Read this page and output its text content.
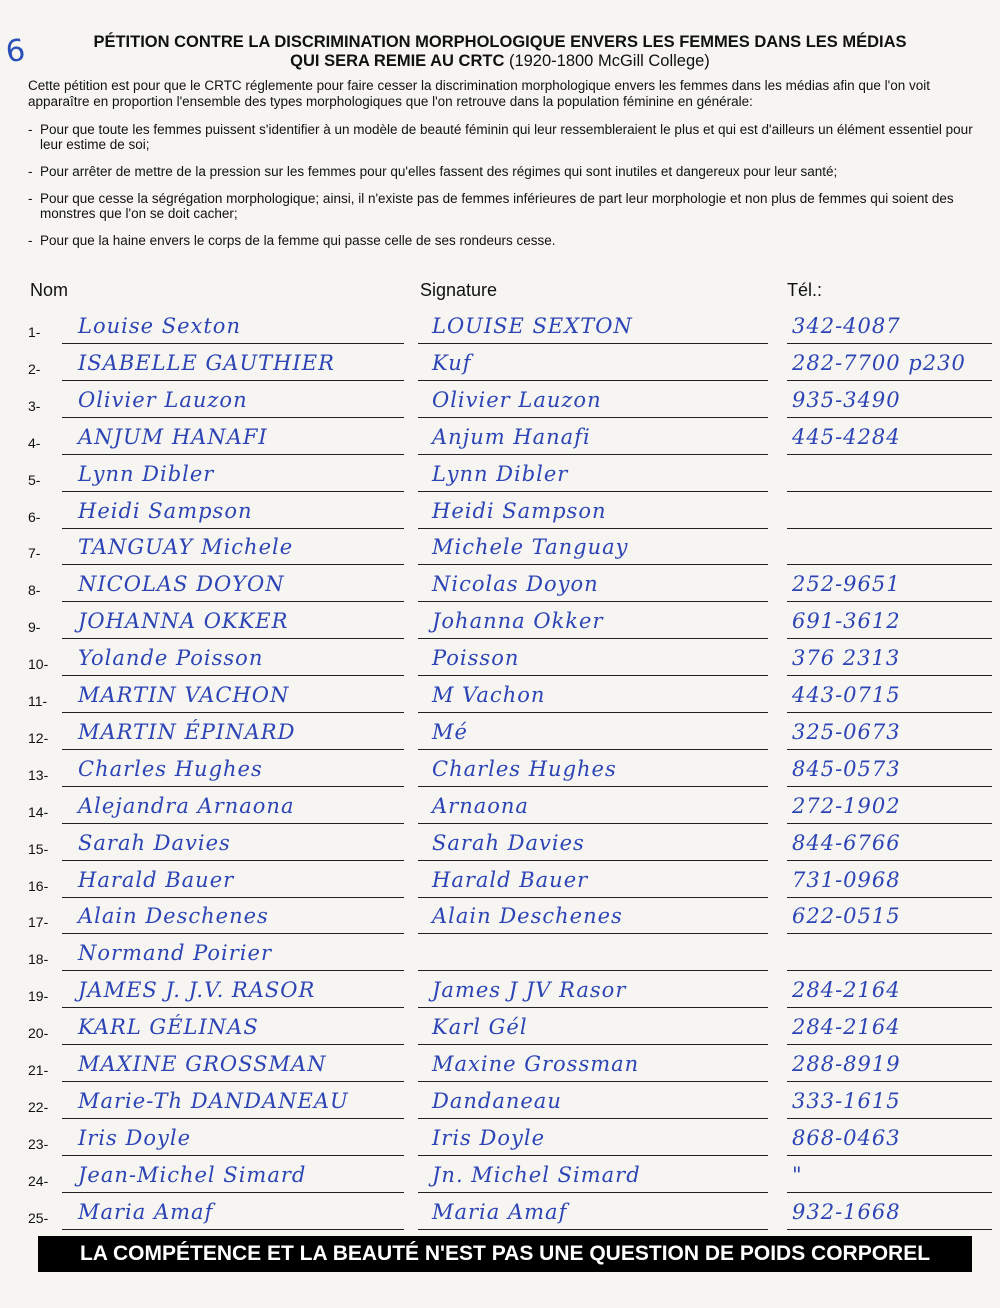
6	PÉTITION CONTRE LA DISCRIMINATION MORPHOLOGIQUE ENVERS LES FEMMES DANS LES MÉDIAS
QUI SERA REMIE AU CRTC (1920-1800 McGill College)
Cette pétition est pour que le CRTC réglemente pour faire cesser la discrimination morphologique envers les femmes dans les médias afin que l'on voit apparaître en proportion l'ensemble des types morphologiques que l'on retrouve dans la population féminine en générale:
- Pour que toute les femmes puissent s'identifier à un modèle de beauté féminin qui leur ressembleraient le plus et qui est d'ailleurs un élément essentiel pour leur estime de soi;
- Pour arrêter de mettre de la pression sur les femmes pour qu'elles fassent des régimes qui sont inutiles et dangereux pour leur santé;
- Pour que cesse la ségrégation morphologique; ainsi, il n'existe pas de femmes inférieures de part leur morphologie et non plus de femmes qui soient des monstres que l'on se doit cacher;
- Pour que la haine envers le corps de la femme qui passe celle de ses rondeurs cesse.
Nom	Signature	Tél.:
1- Louise Sexton	LOUISE SEXTON	342-4087
2- ISABELLE GAUTHIER	Kuf	282-7700 p230
3- Olivier Lauzon	Olivier Lauzon	935-3490
4- ANJUM HANAFI	Anjum Hanafi	445-4284
5- Lynn Dibler	Lynn Dibler
6- Heidi Sampson	Heidi Sampson
7- TANGUAY Michele	Michele Tanguay
8- NICOLAS DOYON	Nicolas Doyon	252-9651
9- JOHANNA OKKER	Johanna Okker	691-3612
10- Yolande Poisson	Poisson	376 2313
11- MARTIN VACHON	M Vachon	443-0715
12- MARTIN ÉPINARD	Mé	325-0673
13- Charles Hughes	Charles Hughes	845-0573
14- Alejandra Arnaona	Arnaona	272-1902
15- Sarah Davies	Sarah Davies	844-6766
16- Harald Bauer	Harald Bauer	731-0968
17- Alain Deschenes	Alain Deschenes	622-0515
18- Normand Poirier
19- JAMES J. J.V. RASOR	James J JV Rasor	284-2164
20- KARL GÉLINAS	Karl Gél	284-2164
21- MAXINE GROSSMAN	Maxine Grossman	288-8919
22- Marie-Th DANDANEAU	Dandaneau	333-1615
23- Iris Doyle	Iris Doyle	868-0463
24- Jean-Michel Simard	Jn. Michel Simard	"
25- Maria Amaf	Maria Amaf	932-1668
LA COMPÉTENCE ET LA BEAUTÉ N'EST PAS UNE QUESTION DE POIDS CORPOREL
